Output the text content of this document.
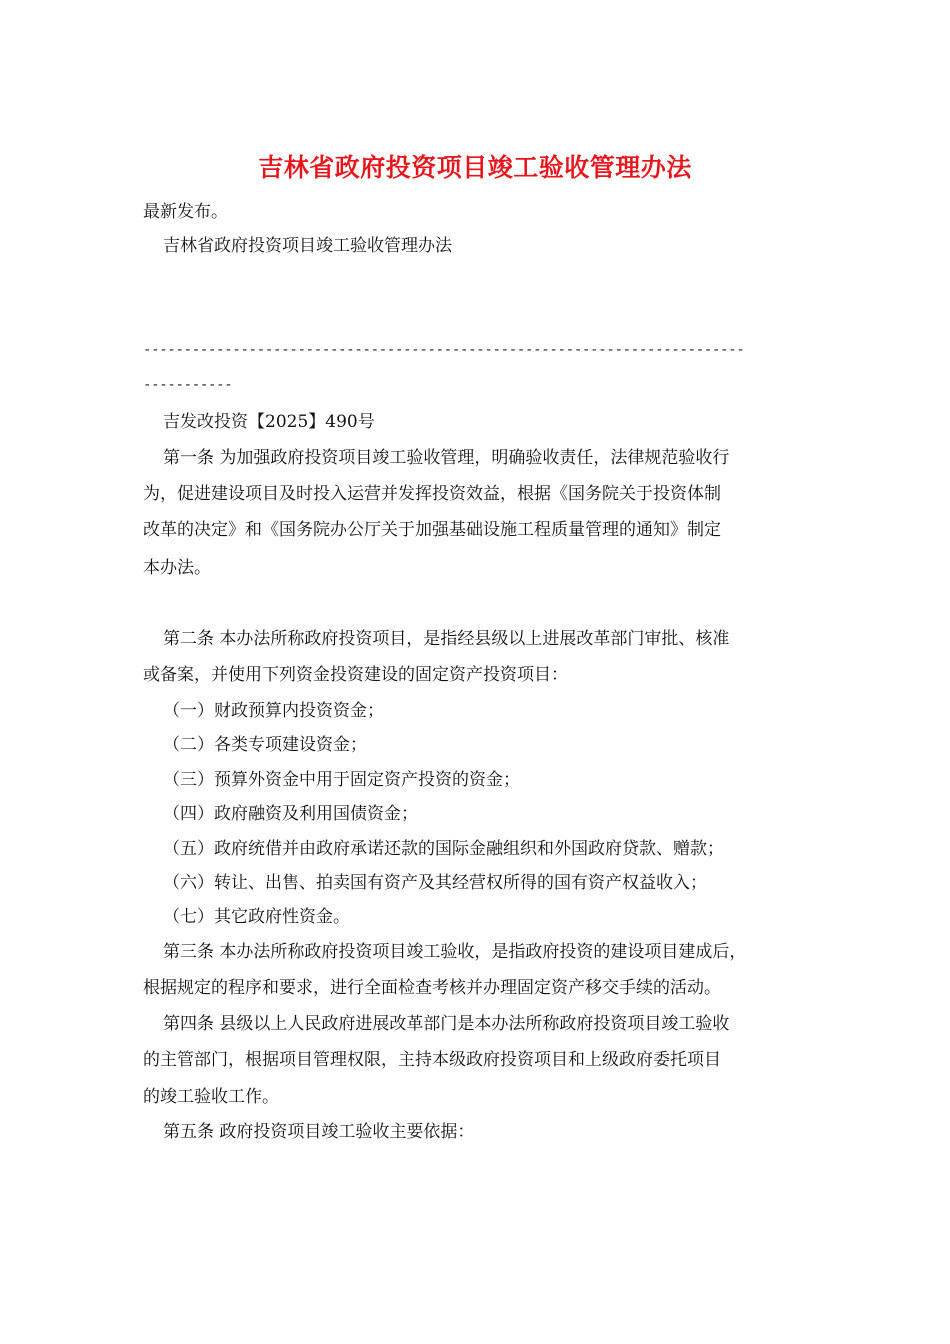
吉林省政府投资项目竣工验收管理办法
最新发布。
吉林省政府投资项目竣工验收管理办法
--------------------------------------------------------------------------
-----------
吉发改投资【2025】490号
第一条 为加强政府投资项目竣工验收管理，明确验收责任，法律规范验收行
为，促进建设项目及时投入运营并发挥投资效益，根据《国务院关于投资体制
改革的决定》和《国务院办公厅关于加强基础设施工程质量管理的通知》制定
本办法。
第二条 本办法所称政府投资项目，是指经县级以上进展改革部门审批、核准
或备案，并使用下列资金投资建设的固定资产投资项目：
（一）财政预算内投资资金；
（二）各类专项建设资金；
（三）预算外资金中用于固定资产投资的资金；
（四）政府融资及利用国债资金；
（五）政府统借并由政府承诺还款的国际金融组织和外国政府贷款、赠款；
（六）转让、出售、拍卖国有资产及其经营权所得的国有资产权益收入；
（七）其它政府性资金。
第三条 本办法所称政府投资项目竣工验收，是指政府投资的建设项目建成后，
根据规定的程序和要求，进行全面检查考核并办理固定资产移交手续的活动。
第四条 县级以上人民政府进展改革部门是本办法所称政府投资项目竣工验收
的主管部门，根据项目管理权限，主持本级政府投资项目和上级政府委托项目
的竣工验收工作。
第五条 政府投资项目竣工验收主要依据：
